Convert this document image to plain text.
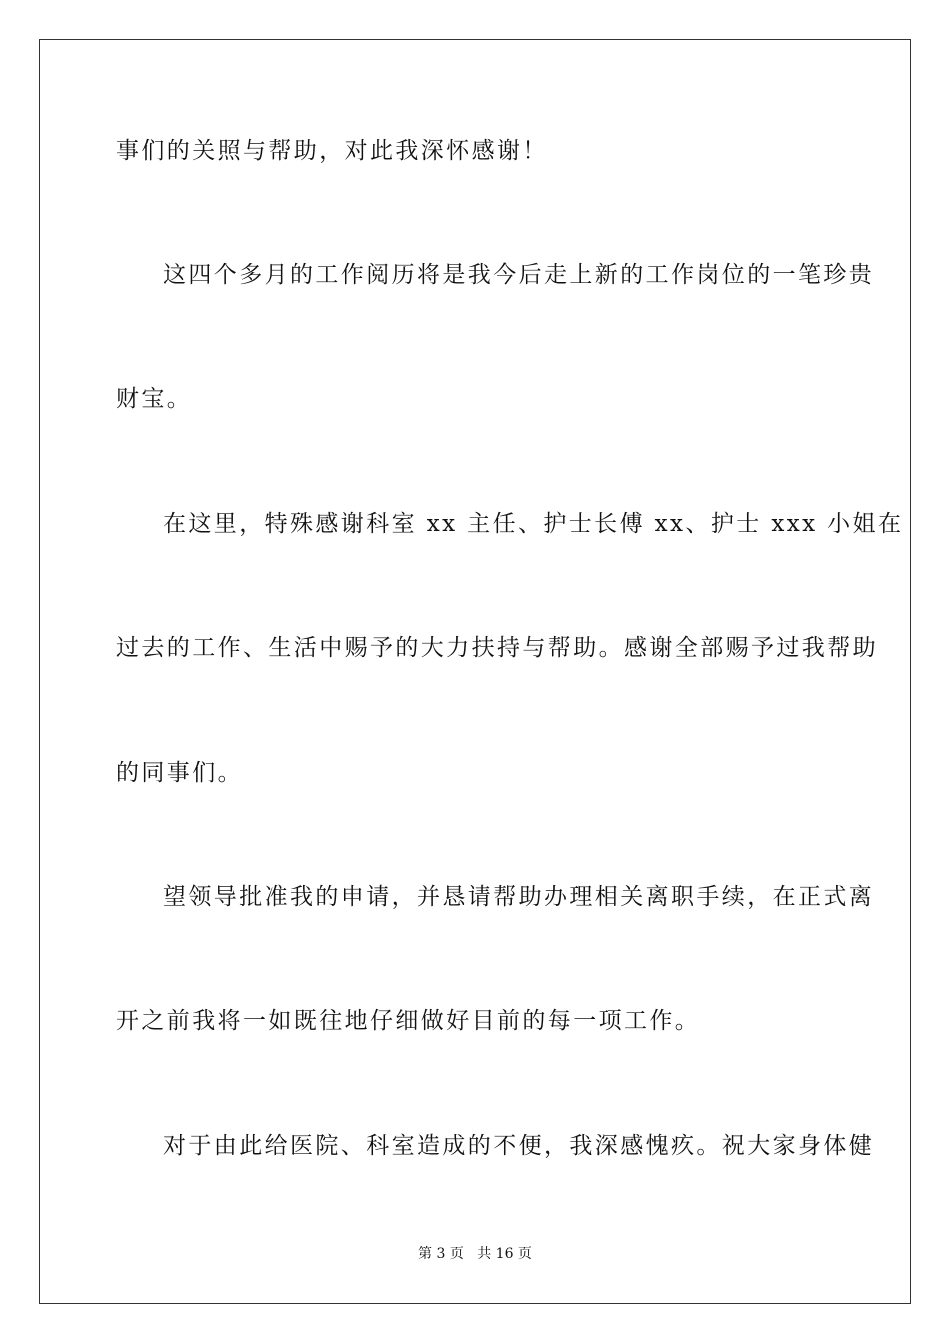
事们的关照与帮助，对此我深怀感谢！
这四个多月的工作阅历将是我今后走上新的工作岗位的一笔珍贵
财宝。
在这里，特殊感谢科室 xx 主任、护士长傅 xx、护士 xxx 小姐在
过去的工作、生活中赐予的大力扶持与帮助。感谢全部赐予过我帮助
的同事们。
望领导批准我的申请，并恳请帮助办理相关离职手续，在正式离
开之前我将一如既往地仔细做好目前的每一项工作。
对于由此给医院、科室造成的不便，我深感愧疚。祝大家身体健
第 3 页 共 16 页
